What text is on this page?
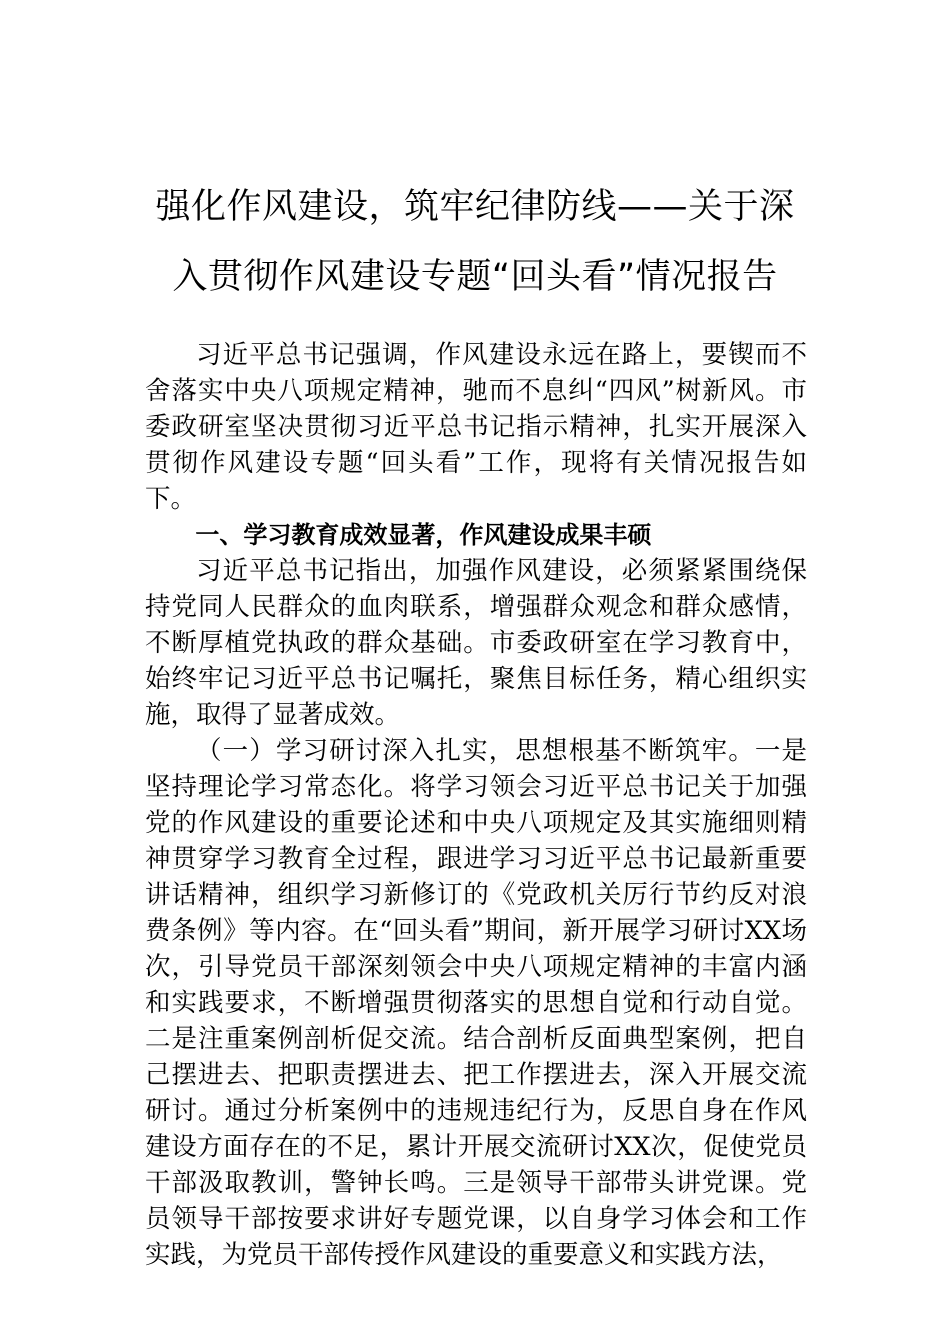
强化作风建设，筑牢纪律防线——关于深
入贯彻作风建设专题“回头看”情况报告

习近平总书记强调，作风建设永远在路上，要锲而不舍落实中央八项规定精神，驰而不息纠“四风”树新风。市委政研室坚决贯彻习近平总书记指示精神，扎实开展深入贯彻作风建设专题“回头看”工作，现将有关情况报告如下。

一、学习教育成效显著，作风建设成果丰硕

习近平总书记指出，加强作风建设，必须紧紧围绕保持党同人民群众的血肉联系，增强群众观念和群众感情，不断厚植党执政的群众基础。市委政研室在学习教育中，始终牢记习近平总书记嘱托，聚焦目标任务，精心组织实施，取得了显著成效。

（一）学习研讨深入扎实，思想根基不断筑牢。一是坚持理论学习常态化。将学习领会习近平总书记关于加强党的作风建设的重要论述和中央八项规定及其实施细则精神贯穿学习教育全过程，跟进学习习近平总书记最新重要讲话精神，组织学习新修订的《党政机关厉行节约反对浪费条例》等内容。在“回头看”期间，新开展学习研讨XX场次，引导党员干部深刻领会中央八项规定精神的丰富内涵和实践要求，不断增强贯彻落实的思想自觉和行动自觉。二是注重案例剖析促交流。结合剖析反面典型案例，把自己摆进去、把职责摆进去、把工作摆进去，深入开展交流研讨。通过分析案例中的违规违纪行为，反思自身在作风建设方面存在的不足，累计开展交流研讨XX次，促使党员干部汲取教训，警钟长鸣。三是领导干部带头讲党课。党员领导干部按要求讲好专题党课，以自身学习体会和工作实践，为党员干部传授作风建设的重要意义和实践方法，
